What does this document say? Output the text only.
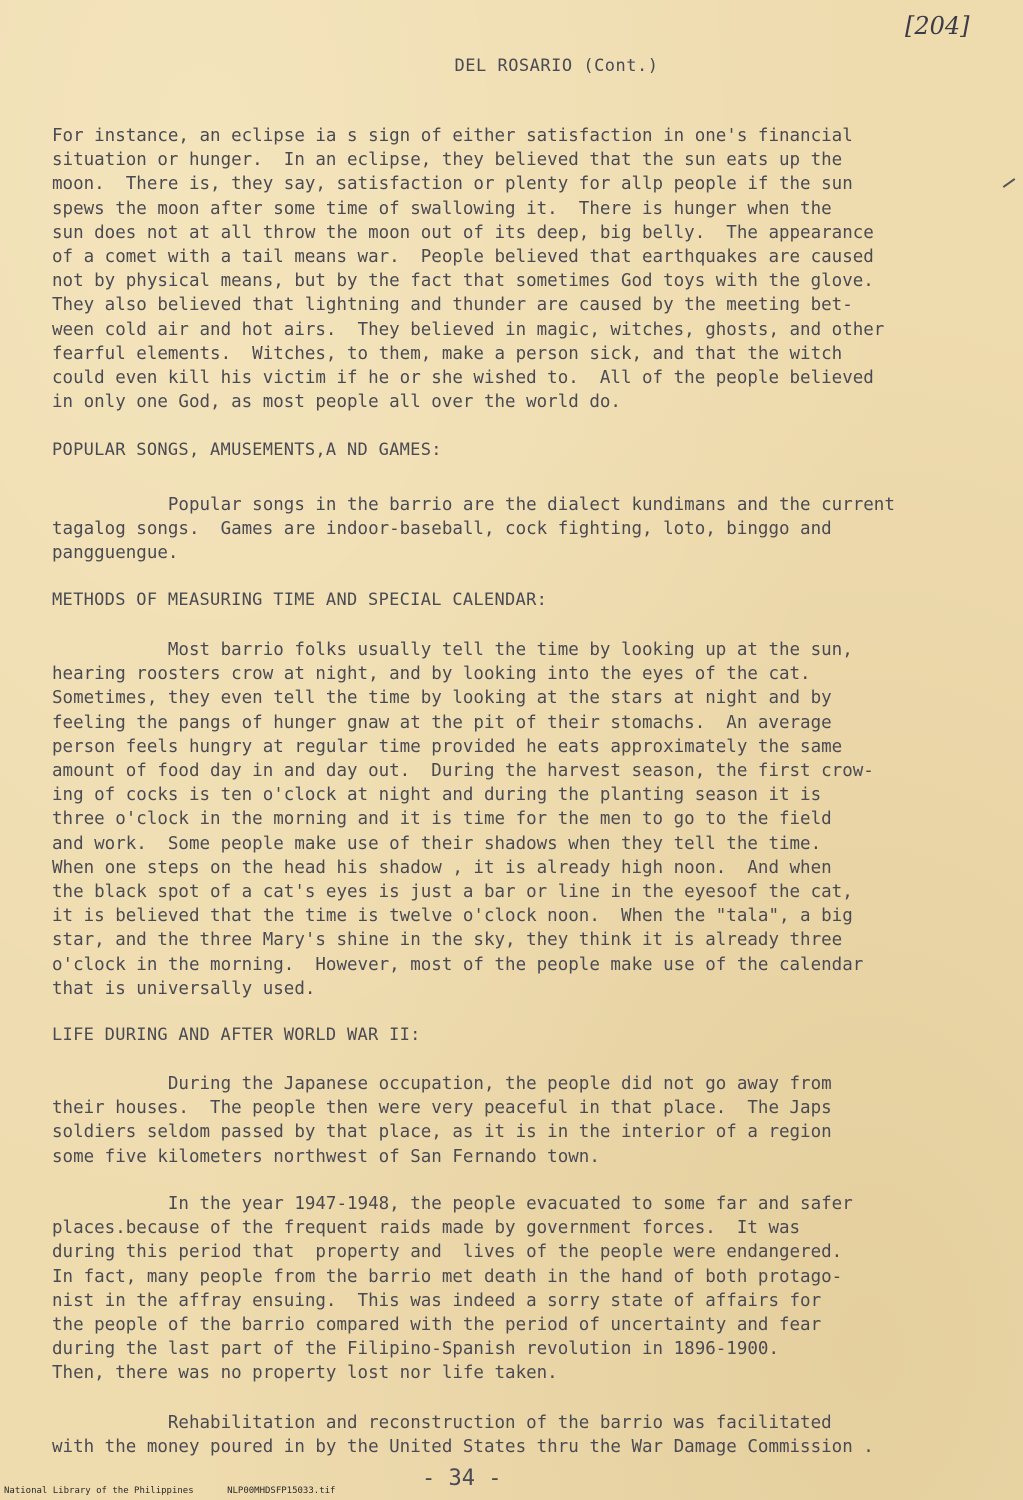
[204]
DEL ROSARIO (Cont.)

For instance, an eclipse ia s sign of either satisfaction in one's financial
situation or hunger.  In an eclipse, they believed that the sun eats up the
moon.  There is, they say, satisfaction or plenty for allp people if the sun
spews the moon after some time of swallowing it.  There is hunger when the
sun does not at all throw the moon out of its deep, big belly.  The appearance
of a comet with a tail means war.  People believed that earthquakes are caused
not by physical means, but by the fact that sometimes God toys with the glove.
They also believed that lightning and thunder are caused by the meeting bet-
ween cold air and hot airs.  They believed in magic, witches, ghosts, and other
fearful elements.  Witches, to them, make a person sick, and that the witch
could even kill his victim if he or she wished to.  All of the people believed
in only one God, as most people all over the world do.

POPULAR SONGS, AMUSEMENTS,A ND GAMES:

Popular songs in the barrio are the dialect kundimans and the current
tagalog songs.  Games are indoor-baseball, cock fighting, loto, binggo and
pangguengue.

METHODS OF MEASURING TIME AND SPECIAL CALENDAR:

Most barrio folks usually tell the time by looking up at the sun,
hearing roosters crow at night, and by looking into the eyes of the cat.
Sometimes, they even tell the time by looking at the stars at night and by
feeling the pangs of hunger gnaw at the pit of their stomachs.  An average
person feels hungry at regular time provided he eats approximately the same
amount of food day in and day out.  During the harvest season, the first crow-
ing of cocks is ten o'clock at night and during the planting season it is
three o'clock in the morning and it is time for the men to go to the field
and work.  Some people make use of their shadows when they tell the time.
When one steps on the head his shadow , it is already high noon.  And when
the black spot of a cat's eyes is just a bar or line in the eyesoof the cat,
it is believed that the time is twelve o'clock noon.  When the "tala", a big
star, and the three Mary's shine in the sky, they think it is already three
o'clock in the morning.  However, most of the people make use of the calendar
that is universally used.

LIFE DURING AND AFTER WORLD WAR II:

During the Japanese occupation, the people did not go away from
their houses.  The people then were very peaceful in that place.  The Japs
soldiers seldom passed by that place, as it is in the interior of a region
some five kilometers northwest of San Fernando town.

In the year 1947-1948, the people evacuated to some far and safer
places.because of the frequent raids made by government forces.  It was
during this period that  property and  lives of the people were endangered.
In fact, many people from the barrio met death in the hand of both protago-
nist in the affray ensuing.  This was indeed a sorry state of affairs for
the people of the barrio compared with the period of uncertainty and fear
during the last part of the Filipino-Spanish revolution in 1896-1900.
Then, there was no property lost nor life taken.

Rehabilitation and reconstruction of the barrio was facilitated
with the money poured in by the United States thru the War Damage Commission .

- 34 -
National Library of the Philippines	NLP00MHDSFP15033.tif
